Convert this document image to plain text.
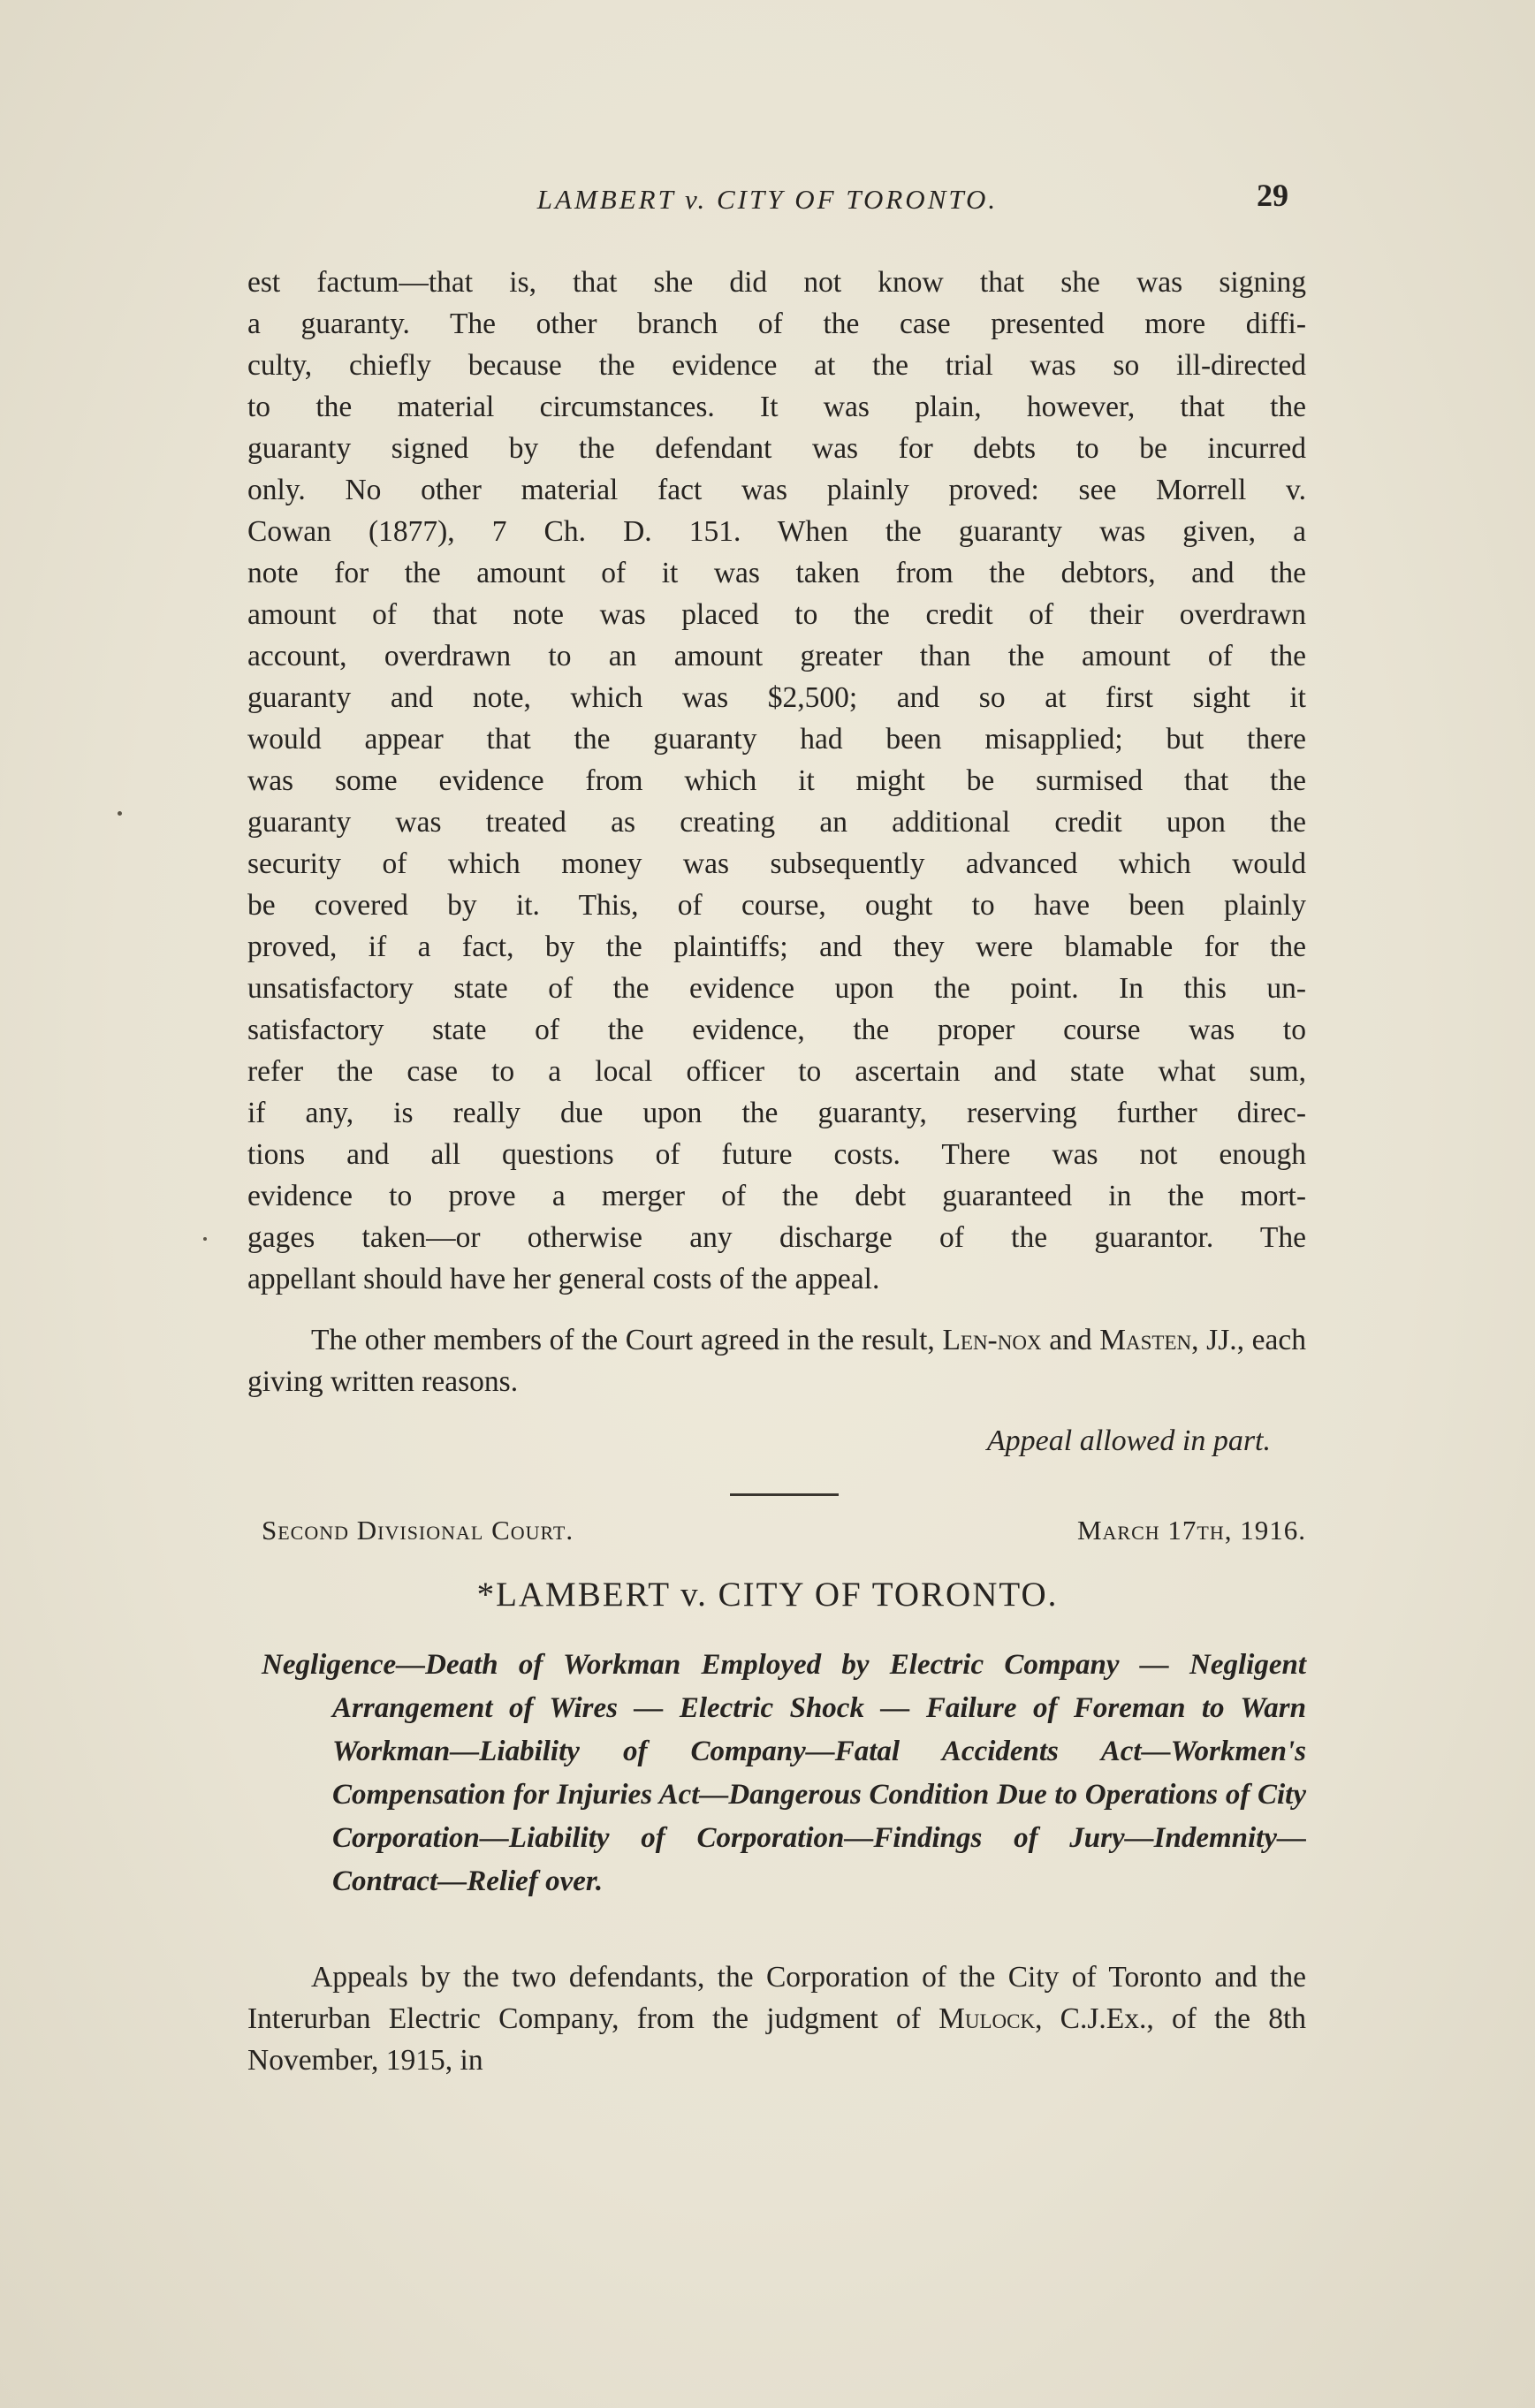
LAMBERT v. CITY OF TORONTO.	29
est factum—that is, that she did not know that she was signing
a guaranty. The other branch of the case presented more diffi-
culty, chiefly because the evidence at the trial was so ill-directed
to the material circumstances. It was plain, however, that the
guaranty signed by the defendant was for debts to be incurred
only. No other material fact was plainly proved: see Morrell v.
Cowan (1877), 7 Ch. D. 151. When the guaranty was given, a
note for the amount of it was taken from the debtors, and the
amount of that note was placed to the credit of their overdrawn
account, overdrawn to an amount greater than the amount of the
guaranty and note, which was $2,500; and so at first sight it
would appear that the guaranty had been misapplied; but there
was some evidence from which it might be surmised that the
guaranty was treated as creating an additional credit upon the
security of which money was subsequently advanced which would
be covered by it. This, of course, ought to have been plainly
proved, if a fact, by the plaintiffs; and they were blamable for the
unsatisfactory state of the evidence upon the point. In this un-
satisfactory state of the evidence, the proper course was to
refer the case to a local officer to ascertain and state what sum,
if any, is really due upon the guaranty, reserving further direc-
tions and all questions of future costs. There was not enough
evidence to prove a merger of the debt guaranteed in the mort-
gages taken—or otherwise any discharge of the guarantor. The
appellant should have her general costs of the appeal.
The other members of the Court agreed in the result, Len-nox and Masten, JJ., each giving written reasons.
Appeal allowed in part.
Second Divisional Court.	March 17th, 1916.
*LAMBERT v. CITY OF TORONTO.
Negligence—Death of Workman Employed by Electric Company — Negligent Arrangement of Wires — Electric Shock — Failure of Foreman to Warn Workman—Liability of Company—Fatal Accidents Act—Workmen's Compensation for Injuries Act—Dangerous Condition Due to Operations of City Corporation—Liability of Corporation—Findings of Jury—Indemnity—Contract—Relief over.
Appeals by the two defendants, the Corporation of the City of Toronto and the Interurban Electric Company, from the judgment of Mulock, C.J.Ex., of the 8th November, 1915, in
